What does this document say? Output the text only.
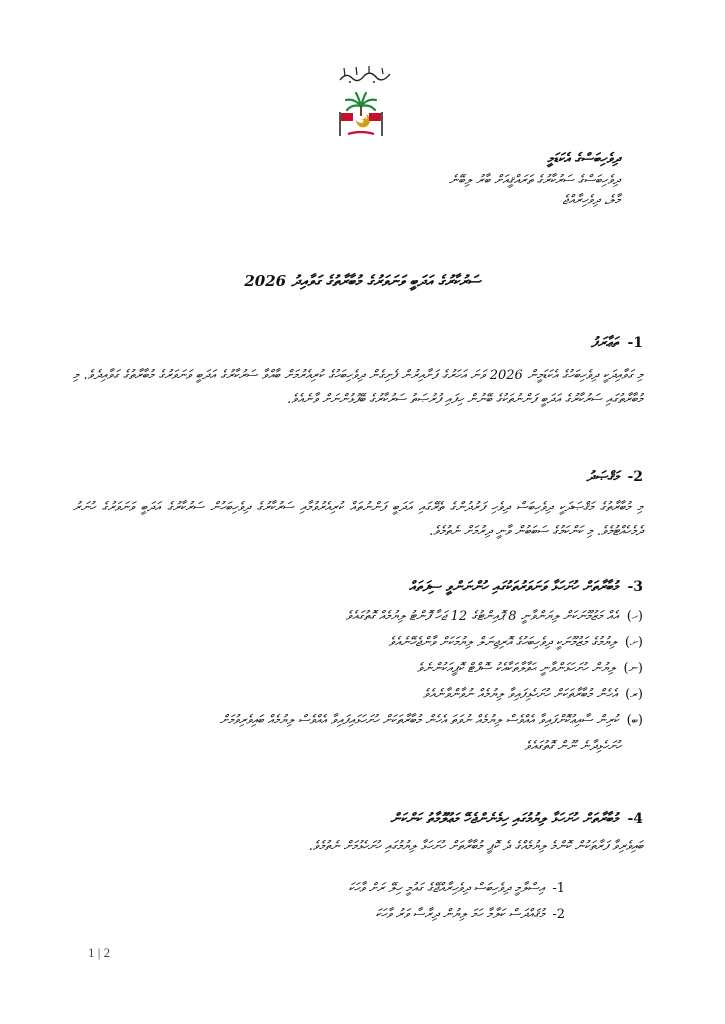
ދިވެހިބަސްގެ އެކަޑަމީ
ދިވެހިބަސްގެ ސަރުކާރުގެ ތަރައްޤީއަށް ބާރު ލިބޭނެ
މާލެ، ދިވެހިރާއްޖެ
ސަރުކާރުގެ އަދަބީ ވަނަވަރުގެ މުބާރާތުގެ ގަވާއިދު 2026
1- ތަޢާރަފު
މި ގަވާއިދަކީ ދިވެހިބަހުގެ އެކަޑަމީން 2026 ވަނަ އަހަރުގެ ފަށާއިރުން ފެށިގެން ދިވެހިބަހުގެ ކުރިއެރުމަށް ބާއްވާ ސަރުކާރުގެ އަދަބީ ވަނަވަރުގެ މުބާރާތުގެ ގަވާއިދެވެ. މި މުބާރާތުގައި ސަރުކާރުގެ އަދަބީ ފަންނުތަކުގެ ބޭނުން ހިފައި ފުރުޞަތު ސަރުކާރުގެ ބޭފުޅުންނަށް ވާނެއެވެ.
2- މަޤްޞަދު
މި މުބާރާތުގެ މަޤްޞަދަކީ ދިވެހިބަސް ދިވެހި ފަރުދުންގެ ތެރޭގައި އަދަބީ ފަންނުތައް ކުރިއެރުވުމާއި ސަރުކާރުގެ ދިވެހިބަހުން ސަރުކާރުގެ އަދަބީ ވަނަވަރުގެ ހުނަރު ދެމެހެއްޓުމެވެ. މި ކަންކަމުގެ ސަބަބުން ވާނީ ދިރުމަށް ނެތުމެވެ.
3- މުބާރާތަށް ހުށަހަޅާ ވަނަވަރުތަކުގައި ހުންނަންވީ ސިފަތައް
(ހ)އެއް މަޒުމޫނަކަށް ލިޔަންވާނީ 8 ޕޮއިންޓުގެ 12 ޖަހާ ފޮންޓު ލިޔުމެއް ގޮތުގައެވެ
(ށ)ލިޔުމުގެ މަޒުމޫނަކީ ދިވެހިބަހުގެ އޮރިޖިނަލް ލިޔުމަކަށް ވާންޖެހޭނެއެވެ
(ނ)ލިޔުން ހުށަހަޅަންވާނީ ޙަވާލާތަކާއެކު ސޮފްޓް ކޮޕީއަކުންނެވެ
(ރ)އެހެން މުބާރާތަކަށް ހުށަހެޅިފައިވާ ލިޔުމެއް ނުވާންވާނެއެވެ
(ބ)ކުރިން ސާއިޢުކޮށްފައިވާ އެއްވެސް ލިޔުމެއް ނުވަތަ އެހެން މުބާރާތަކަށް ހުށަހަޅައިފައިވާ އެއްވެސް ލިޔުމެއް ބައިވެރިވުމަށް
ހުށަހެޅިދާނެ ނޫން ގޮތުގައެވެ
4- މުބާރާތަށް ހުށަހަޅާ ލިޔުމުގައި ހިމެނެންޖެހޭ މަޢުލޫމާތު ކަންކަން
ބައިވެރިވާ ފަރާތަކުން ކޮންމެ ލިޔުމެއްގެ ދެ ކޮޕީ މުބާރާތަށް ހުށަހަޅާ ލިޔުމުގައި ހުށަހެޅުމަށް ނެތުމެވެ.
1-އިސްލާމީ ދިވެހިބަސް ދިވެހިރާއްޖޭގެ ގައުމީ ހިލޭ ރަށް ވާހަކަ
2-މުޤައްދަސް ކަލާމާ ހަމަ ލިޔުން ދިރާސާ ވަރު ވާހަކަ
1 | 2
